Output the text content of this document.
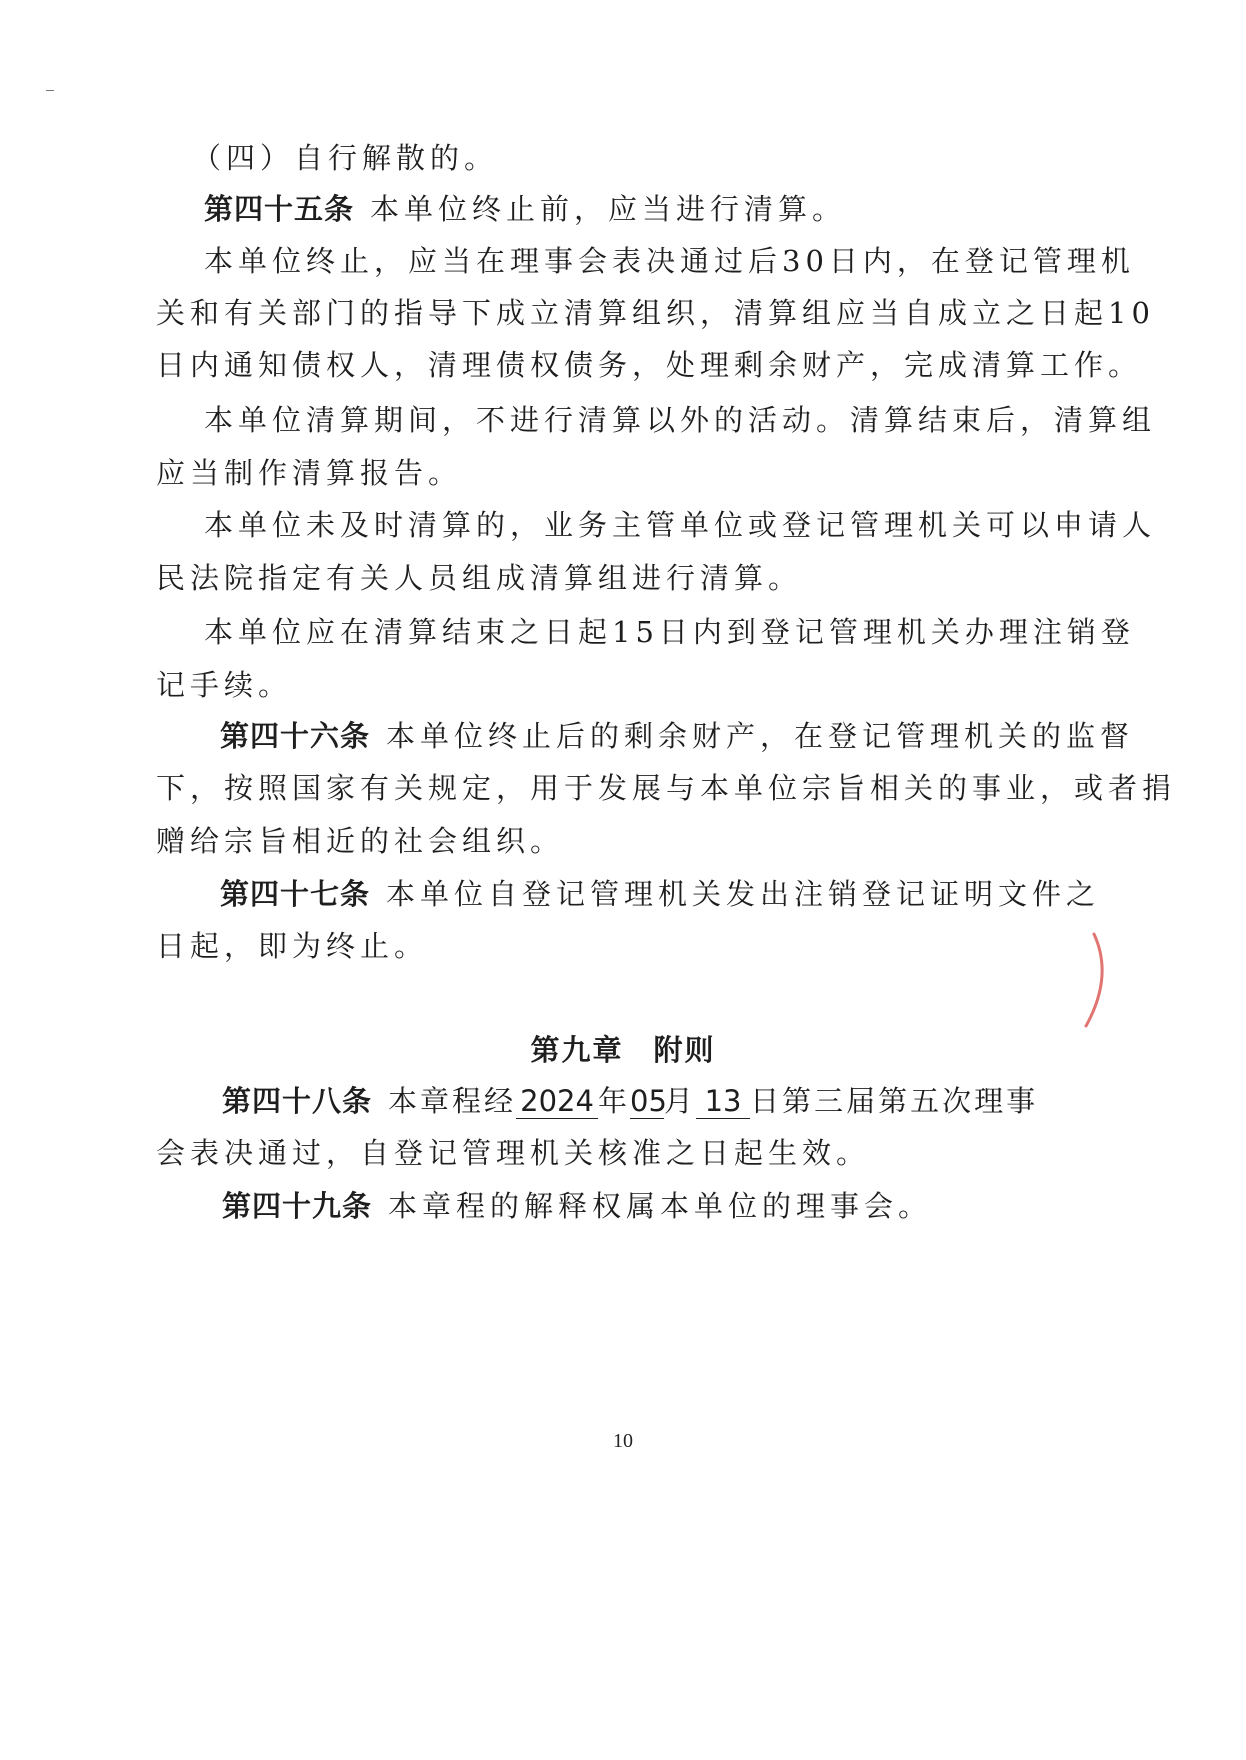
（四）自行解散的。
第四十五条 本单位终止前，应当进行清算。
本单位终止，应当在理事会表决通过后30日内，在登记管理机
关和有关部门的指导下成立清算组织，清算组应当自成立之日起10
日内通知债权人，清理债权债务，处理剩余财产，完成清算工作。
本单位清算期间，不进行清算以外的活动。清算结束后，清算组
应当制作清算报告。
本单位未及时清算的，业务主管单位或登记管理机关可以申请人
民法院指定有关人员组成清算组进行清算。
本单位应在清算结束之日起15日内到登记管理机关办理注销登
记手续。
第四十六条 本单位终止后的剩余财产，在登记管理机关的监督
下，按照国家有关规定，用于发展与本单位宗旨相关的事业，或者捐
赠给宗旨相近的社会组织。
第四十七条 本单位自登记管理机关发出注销登记证明文件之
日起，即为终止。
第九章 附则
第四十八条 本章程经 2024 年05月 13 日第三届第五次理事
会表决通过，自登记管理机关核准之日起生效。
第四十九条 本章程的解释权属本单位的理事会。
10
